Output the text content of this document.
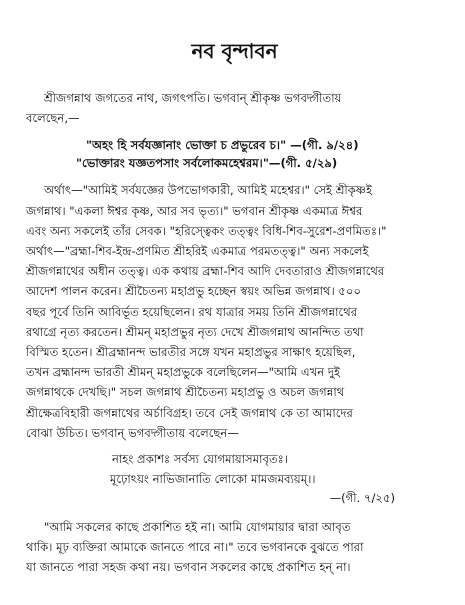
নব বৃন্দাবন
শ্রীজগন্নাথ জগতের নাথ, জগৎপতি। ভগবান্ শ্রীকৃষ্ণ ভগবদ্গীতায়
বলেছেন,—
"অহং হি সর্বযজ্ঞানাং ভোক্তা চ প্রভুরেব চ।" —(গী. ৯/২৪)
"ভোক্তারং যজ্ঞতপসাং সর্বলোকমহেশ্বরম।"—(গী. ৫/২৯)
অর্থাৎ—"আমিই সর্বযজ্ঞের উপভোগকারী, আমিই মহেশ্বর।" সেই শ্রীকৃষ্ণই
জগন্নাথ। "একলা ঈশ্বর কৃষ্ণ, আর সব ভৃত্য।" ভগবান শ্রীকৃষ্ণ একমাত্র ঈশ্বর
এবং অন্য সকলেই তাঁর সেবক। "হরিস্ত্বেকং তত্ত্বং বিধি-শিব-সুরেশ-প্রণমিতঃ।"
অর্থাৎ—"ব্রহ্মা-শিব-ইন্দ্র-প্রণমিত শ্রীহরিই একমাত্র পরমতত্ত্ব।" অন্য সকলেই
শ্রীজগন্নাথের অধীন তত্ত্ব। এক কথায় ব্রহ্মা-শিব আদি দেবতারাও শ্রীজগন্নাথের
আদেশ পালন করেন। শ্রীচৈতন্য মহাপ্রভু হচ্ছেন স্বয়ং অভিন্ন জগন্নাথ। ৫০০
বছর পূর্বে তিনি আবির্ভূত হয়েছিলেন। রথ যাত্রার সময় তিনি শ্রীজগন্নাথের
রথাগ্রে নৃত্য করতেন। শ্রীমন্ মহাপ্রভুর নৃত্য দেখে শ্রীজগন্নাথ আনন্দিত তথা
বিস্মিত হতেন। শ্রীব্রহ্মানন্দ ভারতীর সঙ্গে যখন মহাপ্রভুর সাক্ষাৎ হয়েছিল,
তখন ব্রহ্মানন্দ ভারতী শ্রীমন্ মহাপ্রভুকে বলেছিলেন—"আমি এখন দুই
জগন্নাথকে দেখছি।" সচল জগন্নাথ শ্রীচৈতন্য মহাপ্রভু ও অচল জগন্নাথ
শ্রীক্ষেত্রবিহারী জগন্নাথের অর্চাবিগ্রহ। তবে সেই জগন্নাথ কে তা আমাদের
বোঝা উচিত। ভগবান্ ভগবদ্গীতায় বলেছেন—
নাহং প্রকাশঃ সর্বস্য যোগমায়াসমাবৃতঃ।
মূঢ়োঽয়ং নাভিজানাতি লোকো মামজমব্যয়ম্।।
—(গী. ৭/২৫)
"আমি সকলের কাছে প্রকাশিত হই না। আমি যোগমায়ার দ্বারা আবৃত
থাকি। মূঢ় ব্যক্তিরা আমাকে জানতে পারে না।" তবে ভগবানকে বুঝতে পারা
যা জানতে পারা সহজ কথা নয়। ভগবান সকলের কাছে প্রকাশিত হন্ না।
